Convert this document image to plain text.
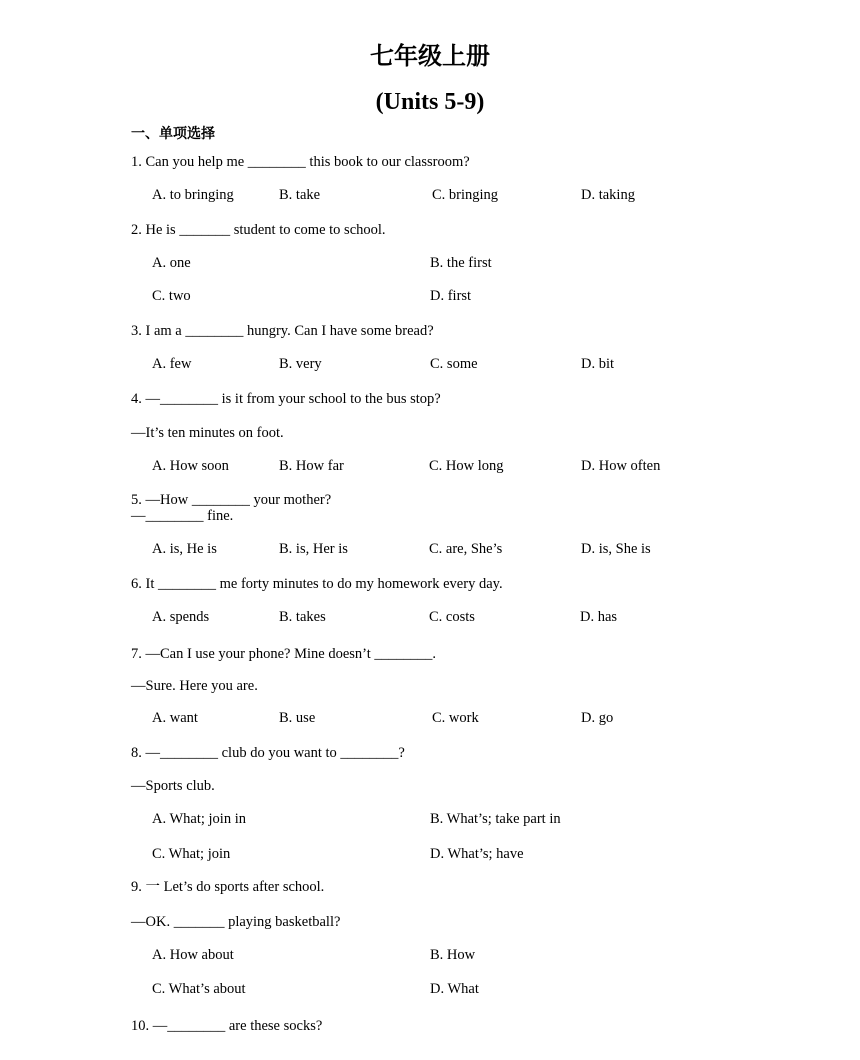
七年级上册
(Units 5-9)
一、单项选择
1. Can you help me ________ this book to our classroom?
A. to bringing	B. take	C. bringing	D. taking
2. He is _______ student to come to school.
A. one	B. the first
C. two	D. first
3. I am a ________ hungry. Can I have some bread?
A. few	B. very	C. some	D. bit
4. —________ is it from your school to the bus stop?
—It’s ten minutes on foot.
A. How soon	B. How far	C. How long	D. How often
5. —How ________ your mother?
—________ fine.
A. is, He is	B. is, Her is	C. are, She’s	D. is, She is
6. It ________ me forty minutes to do my homework every day.
A. spends	B. takes	C. costs	D. has
7. —Can I use your phone? Mine doesn’t ________.
—Sure. Here you are.
A. want	B. use	C. work	D. go
8. —________ club do you want to ________?
—Sports club.
A. What; join in	B. What’s; take part in
C. What; join	D. What’s; have
9. 一 Let’s do sports after school.
—OK. _______ playing basketball?
A. How about	B. How
C. What’s about	D. What
10. —________ are these socks?
